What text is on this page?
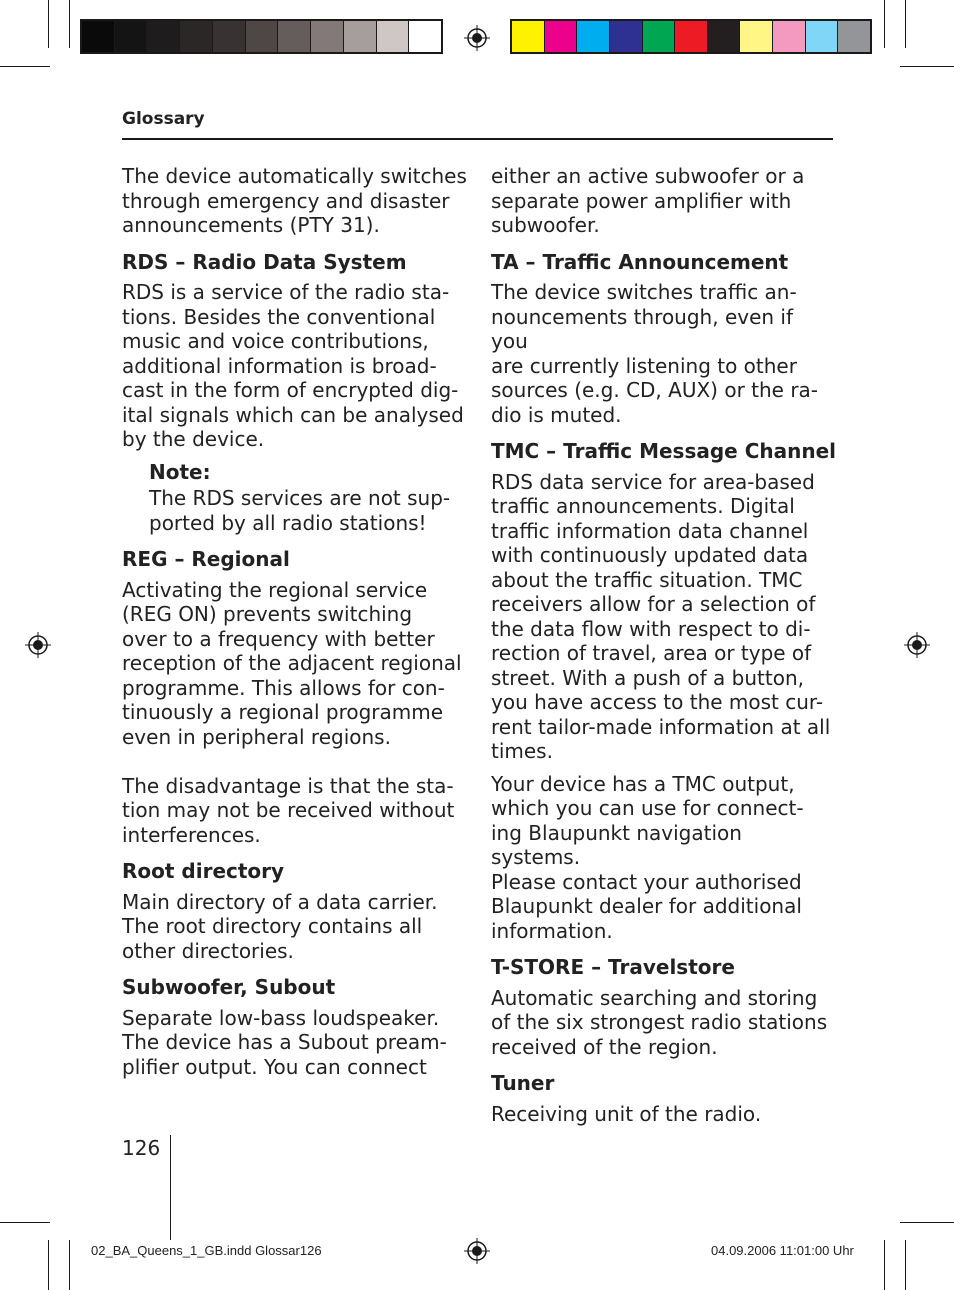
Glossary
The device automatically switches
through emergency and disaster
announcements (PTY 31).
RDS – Radio Data System
RDS is a service of the radio sta-
tions. Besides the conventional
music and voice contributions,
additional information is broad-
cast in the form of encrypted dig-
ital signals which can be analysed
by the device.
Note:
The RDS services are not sup-
ported by all radio stations!
REG – Regional
Activating the regional service
(REG ON) prevents switching
over to a frequency with better
reception of the adjacent regional
programme. This allows for con-
tinuously a regional programme
even in peripheral regions.

The disadvantage is that the sta-
tion may not be received without
interferences.
Root directory
Main directory of a data carrier.
The root directory contains all
other directories.
Subwoofer, Subout
Separate low-bass loudspeaker.
The device has a Subout pream-
plifier output. You can connect
either an active subwoofer or a
separate power amplifier with
subwoofer.
TA – Traffic Announcement
The device switches traffic an-
nouncements through, even if you
are currently listening to other
sources (e.g. CD, AUX) or the ra-
dio is muted.
TMC – Traffic Message Channel
RDS data service for area-based
traffic announcements. Digital
traffic information data channel
with continuously updated data
about the traffic situation. TMC
receivers allow for a selection of
the data flow with respect to di-
rection of travel, area or type of
street. With a push of a button,
you have access to the most cur-
rent tailor-made information at all
times.
Your device has a TMC output,
which you can use for connect-
ing Blaupunkt navigation systems.
Please contact your authorised
Blaupunkt dealer for additional
information.
T-STORE – Travelstore
Automatic searching and storing
of the six strongest radio stations
received of the region.
Tuner
Receiving unit of the radio.
126
02_BA_Queens_1_GB.indd Glossar126	04.09.2006 11:01:00 Uhr
